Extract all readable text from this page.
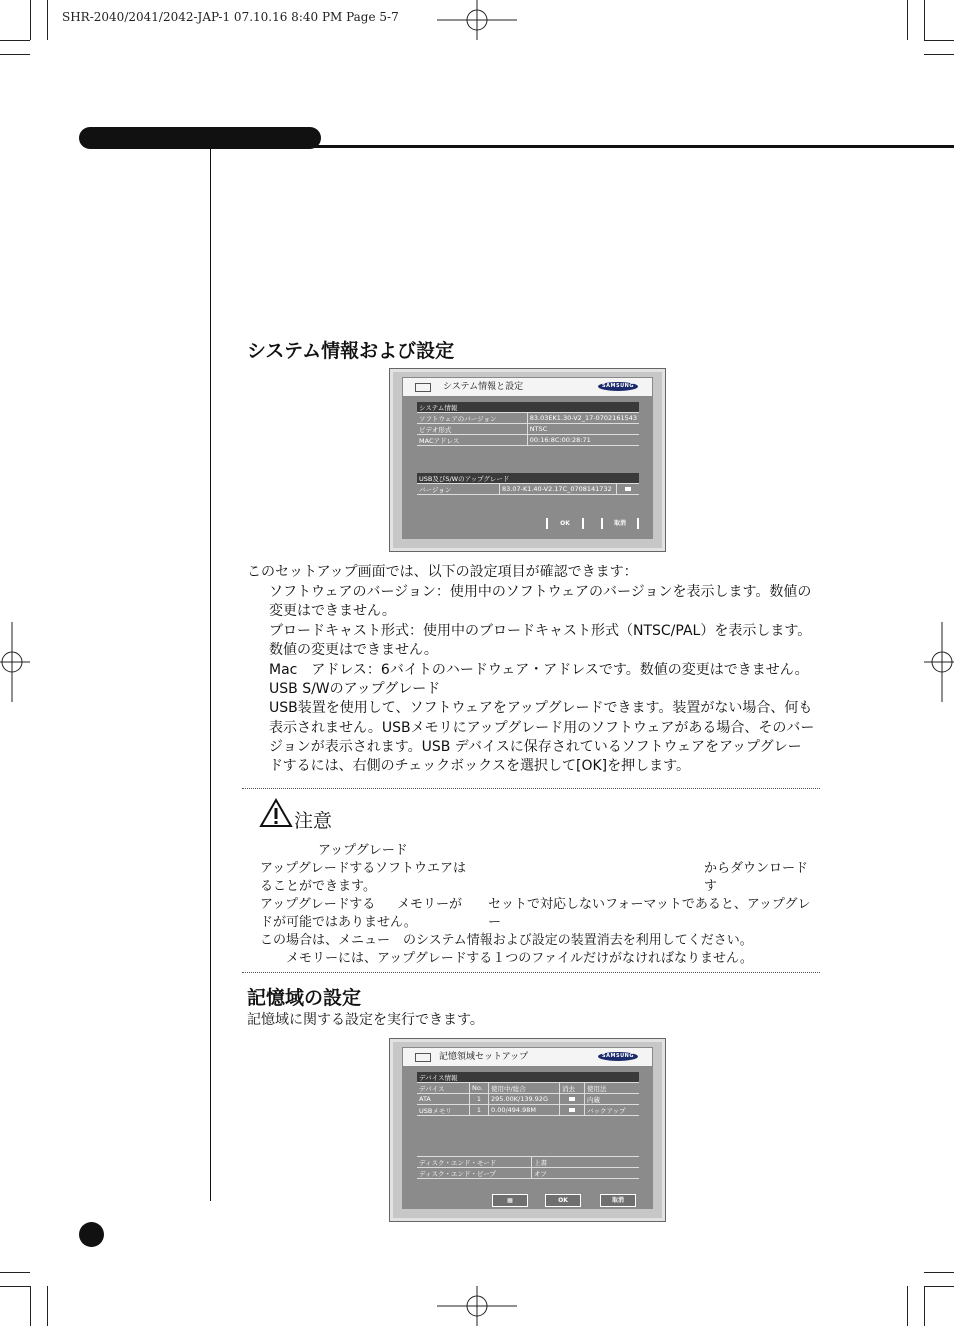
SHR-2040/2041/2042-JAP-1 07.10.16 8:40 PM Page 5-7
システム情報および設定
システム情報と設定	SAMSUNG
システム情報	
ソフトウェアのバージョン	83.03EK1.30-V2_17-0702161543
ビデオ形式	NTSC
MACアドレス	00:16:8C:00:28:71
USB及びS/Wのアップグレード
バージョン	83.07-K1.40-V2.17C_0708141732	
OK	取消

このセットアップ画面では、以下の設定項目が確認できます：

ソフトウェアのバージョン：使用中のソフトウェアのバージョンを表示します。数値の

変更はできません。

ブロードキャスト形式：使用中のブロードキャスト形式（NTSC/PAL）を表示します。

数値の変更はできません。

Mac　アドレス：6バイトのハードウェア・アドレスです。数値の変更はできません。

USB S/Wのアップグレード

USB装置を使用して、ソフトウェアをアップグレードできます。装置がない場合、何も

表示されません。USBメモリにアップグレード用のソフトウェアがある場合、そのバー

ジョンが表示されます。USB デバイスに保存されているソフトウェアをアップグレー

ドするには、右側のチェックボックスを選択して[OK]を押します。

注意
アップグレード
アップグレードするソフトウエアは	からダウンロードす
ることができます。
アップグレードする メモリーが セットで対応しないフォーマットであると、アップグレー
ドが可能ではありません。
この場合は、メニュー　のシステム情報および設定の装置消去を利用してください。
メモリーには、アップグレードする１つのファイルだけがなければなりません。
記憶域の設定
記憶域に関する設定を実行できます。
記憶領域セットアップ	SAMSUNG
デバイス情報				
デバイス	No.	使用中/総合	消去	使用法
ATA	1	295.00K/139.92G		内蔵
USBメモリ	1	0.00/494.98M		バックアップ
ディスク・エンド・モード	上書
ディスク・エンド・ビープ	オフ
▦	OK	取消
